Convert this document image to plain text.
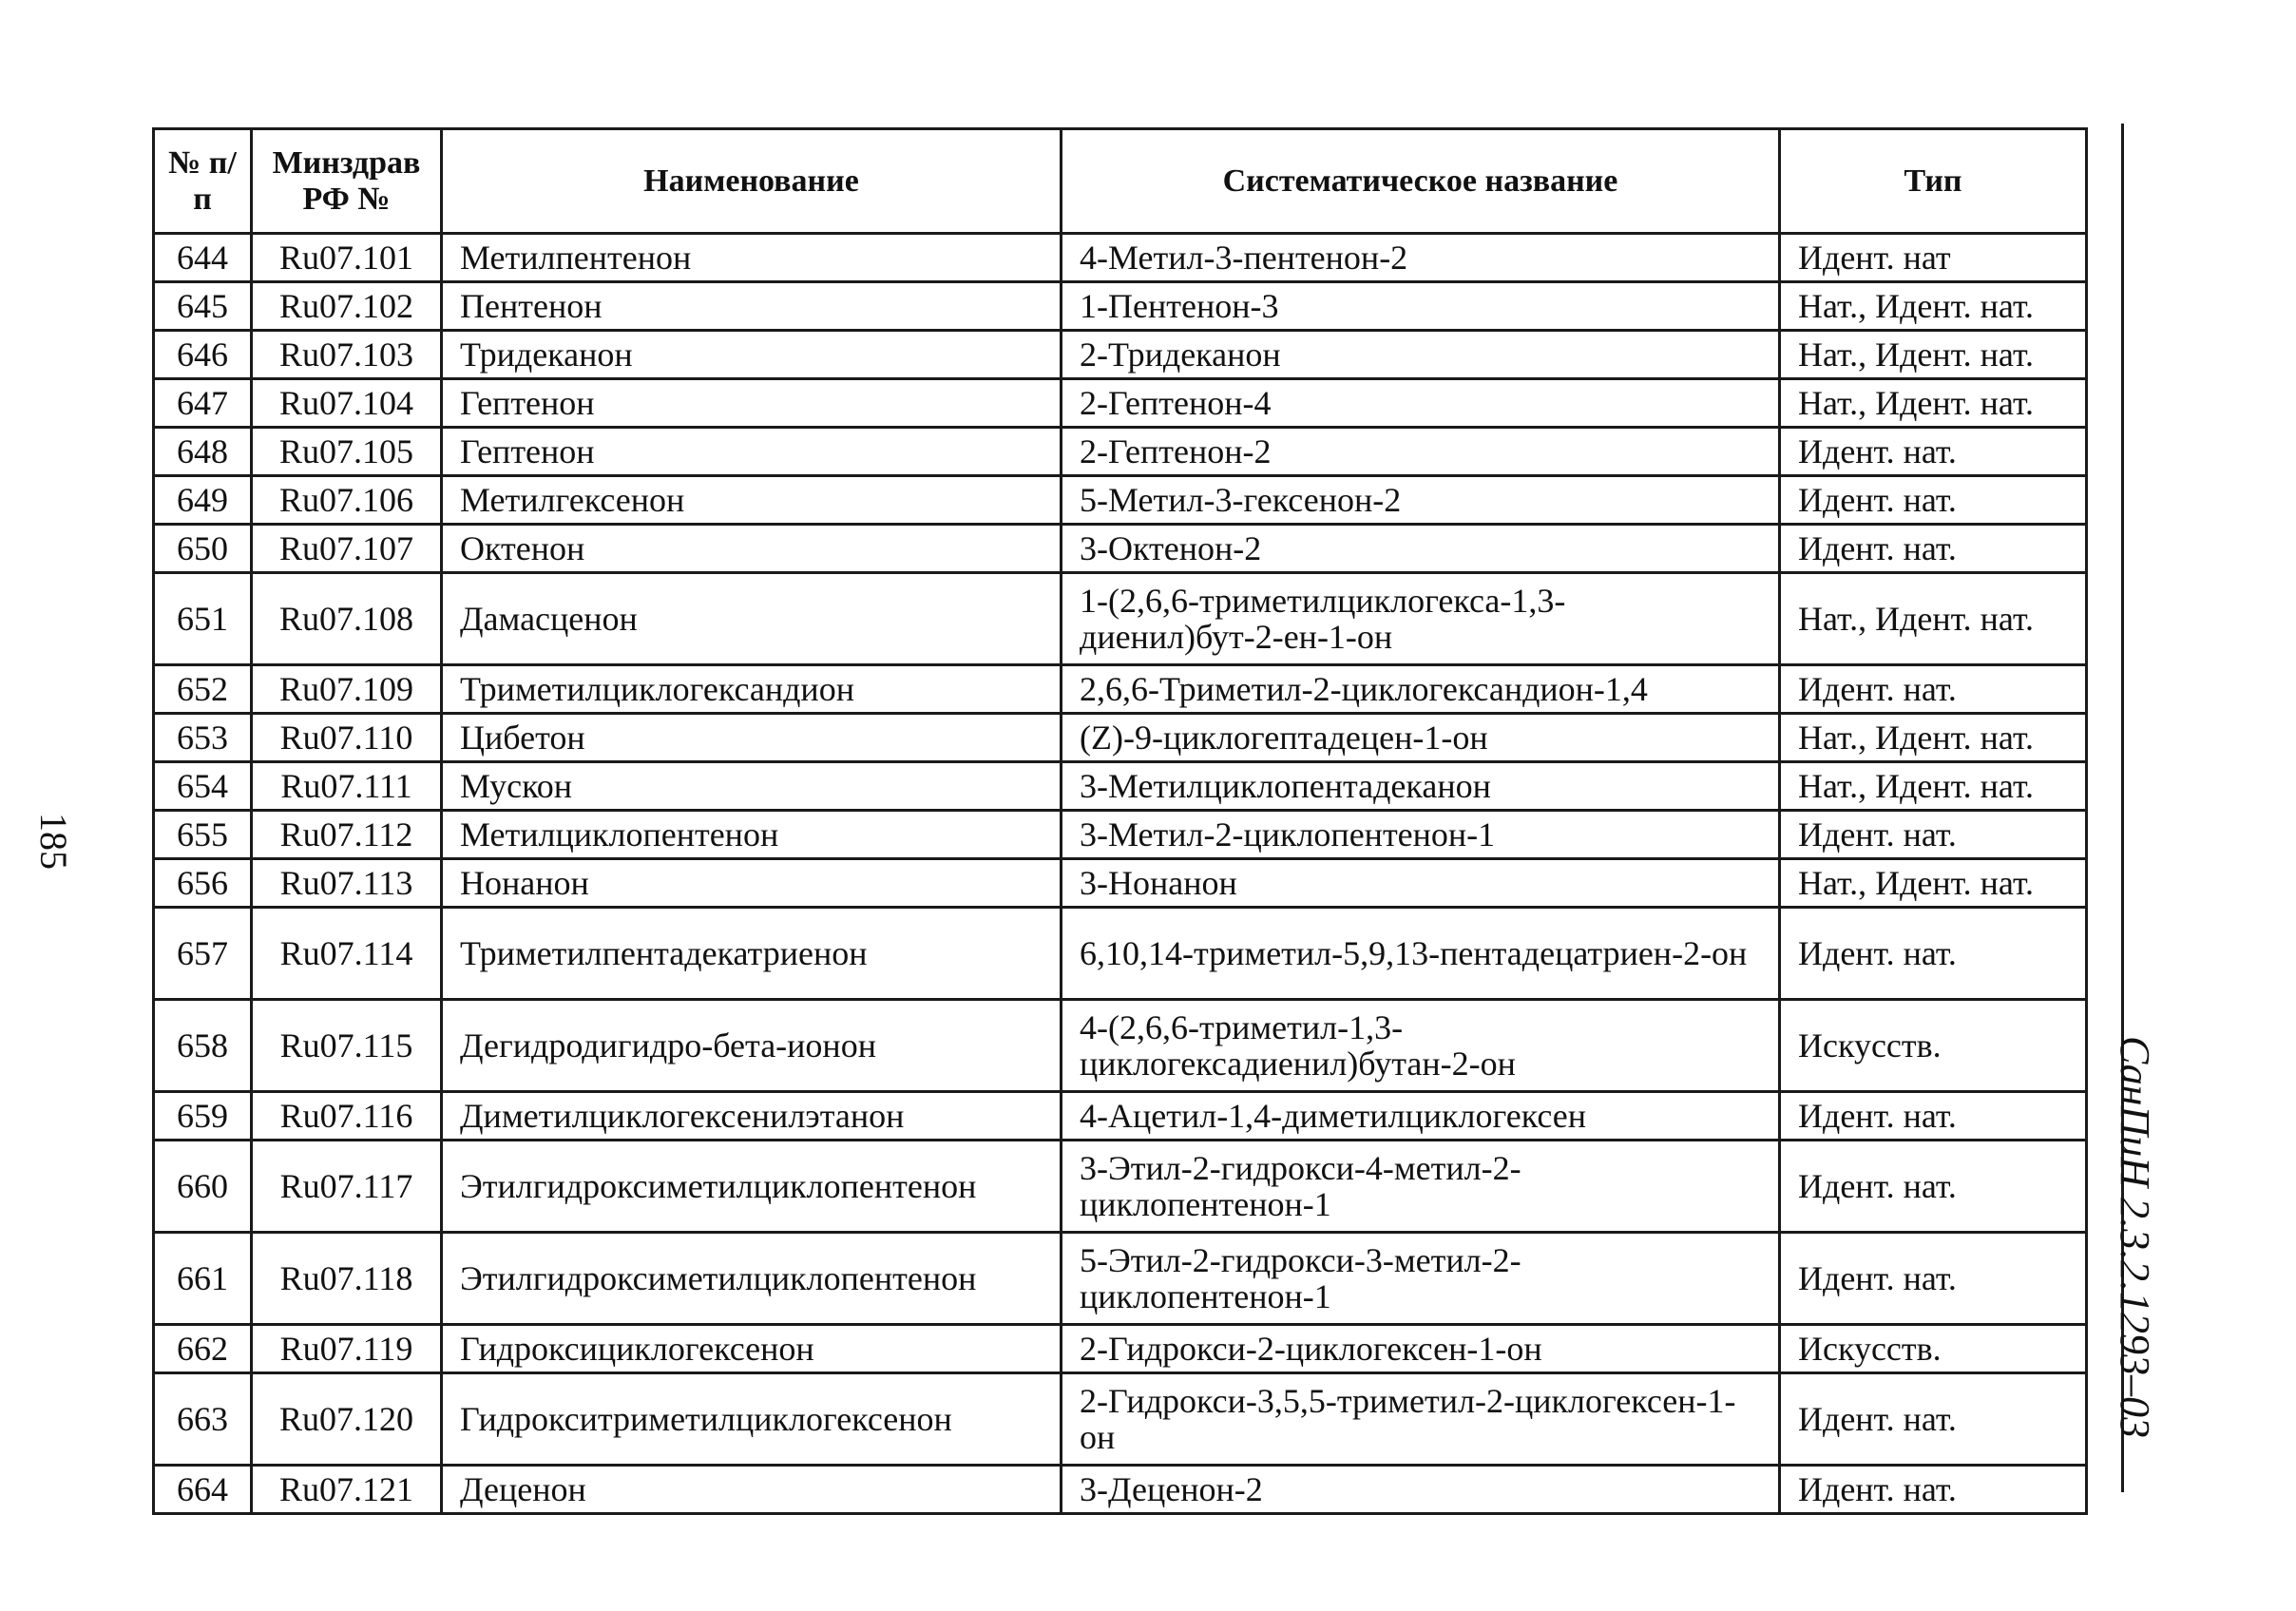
№ п/п	Минздрав РФ №	Наименование	Систематическое название	Тип
644	Ru07.101	Метилпентенон	4-Метил-3-пентенон-2	Идент. нат
645	Ru07.102	Пентенон	1-Пентенон-3	Нат., Идент. нат.
646	Ru07.103	Тридеканон	2-Тридеканон	Нат., Идент. нат.
647	Ru07.104	Гептенон	2-Гептенон-4	Нат., Идент. нат.
648	Ru07.105	Гептенон	2-Гептенон-2	Идент. нат.
649	Ru07.106	Метилгексенон	5-Метил-3-гексенон-2	Идент. нат.
650	Ru07.107	Октенон	3-Октенон-2	Идент. нат.
651	Ru07.108	Дамасценон	1-(2,6,6-триметилциклогекса-1,3-диенил)бут-2-ен-1-он	Нат., Идент. нат.
652	Ru07.109	Триметилциклогександион	2,6,6-Триметил-2-циклогександион-1,4	Идент. нат.
653	Ru07.110	Цибетон	(Z)-9-циклогептадецен-1-он	Нат., Идент. нат.
654	Ru07.111	Мускон	3-Метилциклопентадеканон	Нат., Идент. нат.
655	Ru07.112	Метилциклопентенон	3-Метил-2-циклопентенон-1	Идент. нат.
656	Ru07.113	Нонанон	3-Нонанон	Нат., Идент. нат.
657	Ru07.114	Триметилпентадекатриенон	6,10,14-триметил-5,9,13-пентадецатриен-2-он	Идент. нат.
658	Ru07.115	Дегидродигидро-бета-ионон	4-(2,6,6-триметил-1,3-циклогексадиенил)бутан-2-он	Искусств.
659	Ru07.116	Диметилциклогексенилэтанон	4-Ацетил-1,4-диметилциклогексен	Идент. нат.
660	Ru07.117	Этилгидроксиметилциклопентенон	3-Этил-2-гидрокси-4-метил-2-циклопентенон-1	Идент. нат.
661	Ru07.118	Этилгидроксиметилциклопентенон	5-Этил-2-гидрокси-3-метил-2-циклопентенон-1	Идент. нат.
662	Ru07.119	Гидроксициклогексенон	2-Гидрокси-2-циклогексен-1-он	Искусств.
663	Ru07.120	Гидрокситриметилциклогексенон	2-Гидрокси-3,5,5-триметил-2-циклогексен-1-он	Идент. нат.
664	Ru07.121	Деценон	3-Деценон-2	Идент. нат.
СанПиН 2.3.2.1293–03
185
